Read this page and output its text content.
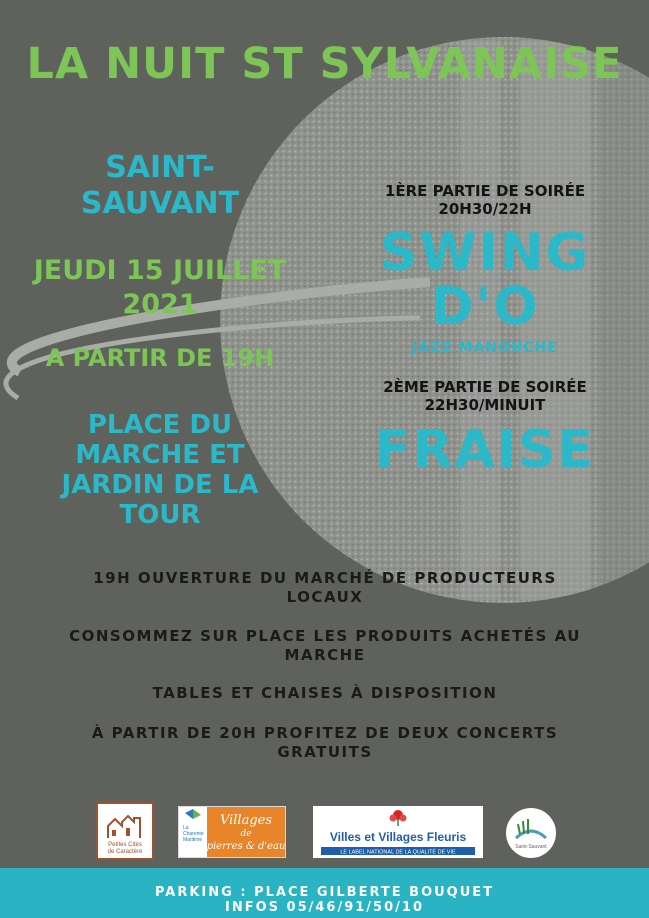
LA NUIT ST SYLVANAISE
SAINT-
SAUVANT
JEUDI 15 JUILLET
2021
A PARTIR DE 19H
PLACE DU
MARCHE ET
JARDIN DE LA
TOUR
1ÈRE PARTIE DE SOIRÉE
20H30/22H
SWING
D'O
JAZZ MANOUCHE
2ÈME PARTIE DE SOIRÉE
22H30/MINUIT
FRAISE
19H OUVERTURE DU MARCHÉ DE PRODUCTEURS
LOCAUX
CONSOMMEZ SUR PLACE LES PRODUITS ACHETÉS AU
MARCHE
TABLES ET CHAISES À DISPOSITION
À PARTIR DE 20H PROFITEZ DE DEUX CONCERTS
GRATUITS
Petites Cités
de Caractère
La
Charente
Maritime
Villages
de
pierres & d'eau
Villes et Villages Fleuris
LE LABEL NATIONAL DE LA QUALITÉ DE VIE
Saint-Sauvant
PARKING : PLACE GILBERTE BOUQUET
INFOS 05/46/91/50/10
